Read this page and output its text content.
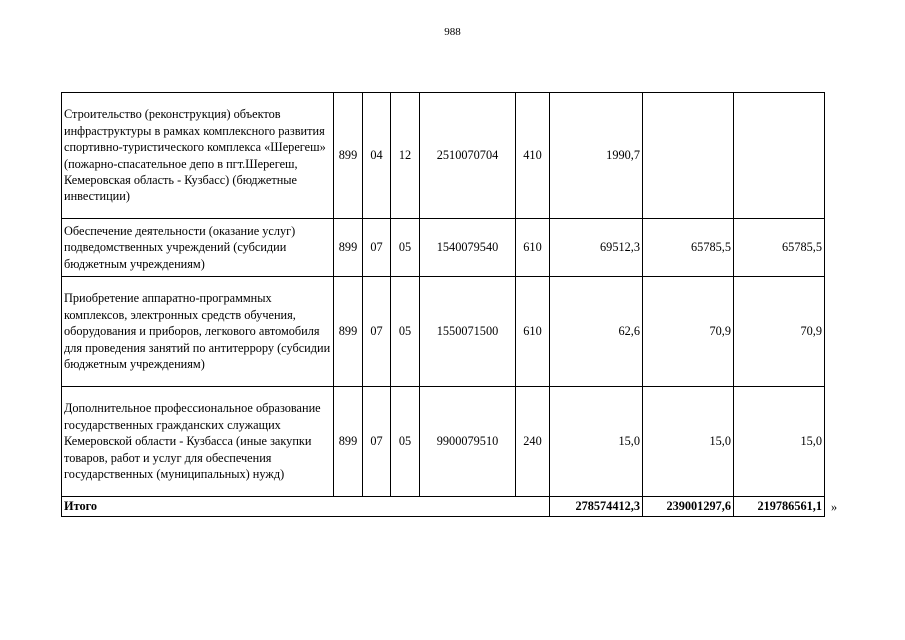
988
Строительство (реконструкция) объектов инфраструктуры в рамках комплексного развития спортивно-туристического комплекса «Шерегеш» (пожарно-спасательное депо в пгт.Шерегеш, Кемеровская область - Кузбасс) (бюджетные инвестиции)	899	04	12	2510070704	410	1990,7		
Обеспечение деятельности (оказание услуг) подведомственных учреждений (субсидии бюджетным учреждениям)	899	07	05	1540079540	610	69512,3	65785,5	65785,5
Приобретение аппаратно-программных комплексов, электронных средств обучения, оборудования и приборов, легкового автомобиля для проведения занятий по антитеррору (субсидии бюджетным учреждениям)	899	07	05	1550071500	610	62,6	70,9	70,9
Дополнительное профессиональное образование государственных гражданских служащих Кемеровской области - Кузбасса (иные закупки товаров, работ и услуг для обеспечения государственных (муниципальных) нужд)	899	07	05	9900079510	240	15,0	15,0	15,0
Итого						278574412,3	239001297,6	219786561,1 »
